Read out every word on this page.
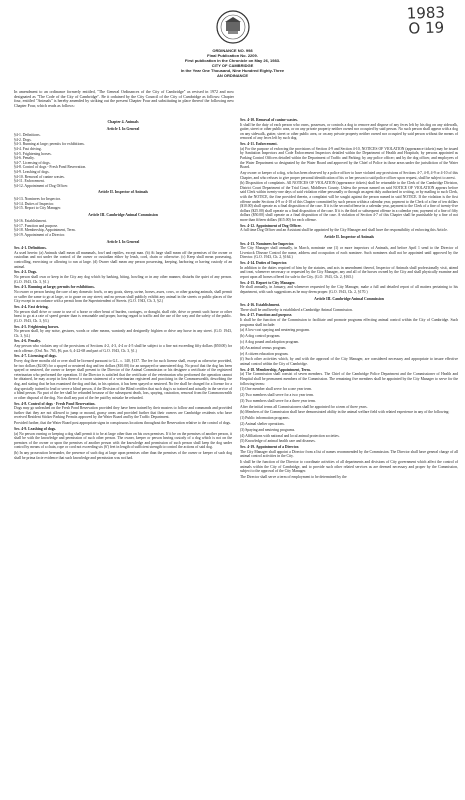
1983
O 19
ORDINANCE NO. 998
Final Publication No. 2209.
First publication in the Chronicle on May 26, 1983.
CITY OF CAMBRIDGE
In the Year One Thousand, Nine Hundred Eighty-Three
AN ORDINANCE
In amendment to an ordinance formerly entitled, "The General Ordinances of the City of Cambridge" as revised in 1972 and now designated as "The Code of the City of Cambridge". Be it ordained by the City Council of the City of Cambridge as follows: Chapter four, entitled "Animals" is hereby amended by striking out the present Chapter Four and substituting in place thereof the following new Chapter Four, which reads as follows:
Chapter 4. Animals
Article I. In General
§4-1. Definitions.
§4-2. Dogs.
§4-3. Running at large; permits for exhibitions.
§4-4. Fast driving.
§4-5. Frightening horses.
§4-6. Penalty.
§4-7. Licensing of dogs.
§4-8. Control of dogs - Fresh Pond Reservation.
§4-9. Leashing of dogs.
§4-10. Removal of canine wastes.
§4-11. Enforcement.
§4-12. Appointment of Dog Officer.
Article II. Inspector of Animals
§4-13. Nominees for Inspector.
§4-14. Duties of Inspector.
§4-15. Report to City Manager.
Article III. Cambridge Animal Commission
§4-16. Establishment.
§4-17. Function and purpose.
§4-18. Membership, Appointment, Term.
§4-19. Appointment of a Director.
Article I. In General
Sec. 4-1. Definitions.

As used herein: (a) Animals shall mean all mammals, fowl and reptiles, except man. (b) At large shall mean off the premises of the owner or custodian and not under the control of the owner or custodian either by leash, cord, chain or otherwise. (c) Keep shall mean possessing, controlling, exercising or allowing to run at large. (d) Owner shall mean any person possessing, keeping, harboring or having custody of an animal.

Sec. 4-2. Dogs.

No person shall own or keep in the City any dog which by barking, biting, howling or in any other manner, disturbs the quiet of any person. (G.O. 1943, Ch. 3, §1.)

Sec. 4-3. Running at large; permits for exhibitions.

No owner or person having the care of any domestic fowls, or any goats, sheep, swine, horses, asses, cows, or other grazing animals, shall permit or suffer the same to go at large, or to graze on any street; and no person shall publicly exhibit any animal in the streets or public places of the City except in accordance with a permit from the Superintendent of Streets. (G.O. 1943, Ch. 3, §2.)

Sec. 4-4. Fast driving.

No person shall drive or cause to use of a horse or other beast of burden, carriages, or draught, shall ride, drive or permit such horse or other beast to go at a rate of speed greater than is reasonable and proper, having regard to traffic and the use of the way and the safety of the public. (G.O. 1943, Ch. 3, §3.)

Sec. 4-5. Frightening horses.

No person shall, by any noise, gestures, words or other means, wantonly and designedly frighten or drive any horse in any street. (G.O. 1943, Ch. 3, §4.)

Sec. 4-6. Penalty.

Any person who violates any of the provisions of Sections 4-2, 4-3, 4-4 or 4-5 shall be subject to a fine not exceeding fifty dollars ($50.00) for each offense. (Ord. No. 765, §6, par. 6, 4-22-68 and part of G.O. 1943, Ch. 3, §1.)

Sec. 4-7. Licensing of dogs.

Every dog three months old or over shall be licensed pursuant to G.L. c. 140, §137. The fee for such license shall, except as otherwise provided, be two dollars ($2.00) for a spayed or neutered dog and ten dollars ($10.00) for an unspayed or unneutered dog. No proof that the dog has been spayed or neutered, the owner or keeper shall present to the Director of the Animal Commission or his designee a certificate of the registered veterinarian who performed the operation. If the Director is satisfied that the certificate of the veterinarian who performed the operation cannot be obtained, he may accept in lieu thereof a sworn statement of a veterinarian registered and practicing in the Commonwealth, describing the dog, and stating that he has examined the dog and that, in his opinion, it has been spayed or neutered. No fee shall be charged for a license for a dog specially trained to lead or serve a blind person, if the Division of the Blind certifies that such dog is so trained and actually in the service of a blind person. No part of the fee shall be refunded because of the subsequent death, loss, spaying, castration, removal from the Commonwealth or other disposal of the dog. Nor shall any part of the fee paid by mistake be refunded.

Sec. 4-8. Control of dogs - Fresh Pond Reservation.

Dogs may go unleashed on the Fresh Pond Reservation provided they have been trained by their masters to follow and commands and provided further that they are not allowed to jump or mound, grassy areas and provided further that their owners are Cambridge residents who have received Resident Sticker Parking Permits approved by the Water Board and by the Traffic Department.

Provided further, that the Water Board post appropriate signs in conspicuous locations throughout the Reservation relative to the control of dogs.

Sec. 4-9. Leashing of dogs.

(a) No person owning or keeping a dog shall permit it to be at large other than on his own premises. If it be on the premises of another person, it shall be with the knowledge and permission of such other person. The owner, keeper or person having custody of a dog which is not on the premises of the owner or upon the premises of another person with the knowledge and permission of such person shall keep the dog under control by means of a chain, rope or cord not exceeding six (6') feet in length of sufficient strength to control the actions of said dog.

(b) In any prosecution hereunder, the presence of such dog at large upon premises other than the premises of the owner or keeper of such dog shall be prima facie evidence that such knowledge and permission was not had.

Sec. 4-10. Removal of canine wastes.

It shall be the duty of each person who owns, possesses, or controls a dog to remove and dispose of any feces left by his dog on any sidewalk, gutter, street or other public area, or on any private property neither owned nor occupied by said person. No such person shall appear with a dog on any sidewalk, gutter, street or other public area, or on any private property neither owned nor occupied by said person without the means of removal of any feces left by such dog.

Sec. 4-11. Enforcement.

(a) For the purpose of enforcing the provisions of Section 4-9 and Section 4-10, NOTICES OF VIOLATION (appearance tickets) may be issued by Sanitation Inspectors and Code Enforcement Inspectors detailed within the Department of Health and Hospitals; by persons appointed as Parking Control Officers detailed within the Department of Traffic and Parking; by any police officer; and by the dog officer, and employees of the Water Department so designated by the Water Board and approved by the Chief of Police in those areas under the jurisdiction of the Water Board.

Any owner or keeper of a dog, who has been observed by a police officer to have violated any provisions of Sections 4-7, 4-8, 4-9 or 4-10 of this Chapter, and who refuses to give proper personal identification of his or her person to said police officer upon request, shall be subject to arrest.

(b) Disposition of complaints. All NOTICES OF VIOLATION (appearance tickets) shall be returnable to the Clerk of the Cambridge Division, District Court Department of the Trial Court, Middlesex County. Unless the person named on said NOTICE OF VIOLATION appears before said Clerk within twenty-one days of said violation either personally or through an agent duly authorized in writing, or by mailing to such Clerk, with the NOTICE, the fine provided therein, a complaint will be sought against the person named in said NOTICE. If the violation is the first offense under Sections 4-9 or 4-10 of this Chapter committed by such person within a calendar year, payment to the Clerk of a fine of ten dollars ($10.00) shall operate as a final disposition of the case. If it is the second offense in a calendar year, payment to the Clerk of a fine of twenty-five dollars ($25.00) shall operate as a final disposition of the case. If it is the third or subsequent offense in a calendar year, payment of a fine of fifty dollars ($50.00) shall operate as a final disposition of the case. A violation of Section 4-7 of this Chapter shall be punishable by a fine of not more than fifteen dollars ($15.00) for each offense.

Sec. 4-12. Appointment of Dog Officer.

A full time Dog Officer and an Assistant shall be appointed by the City Manager and shall have the responsibility of enforcing this Article.

Article II. Inspector of Animals
Sec. 4-13. Nominees for Inspector.

The City Manager shall annually, in March, nominate one (1) or more inspectors of Animals, and before April 1 send to the Director of Livestock Disease Control the name, address and occupation of each nominee. Such nominees shall not be appointed until approved by the Director. (G.O. 1943, Ch. 2, §164.)

Sec. 4-14. Duties of Inspector.

In addition to the duties required of him by the statutes, and acts in amendment thereof, Inspector of Animals shall professionally visit, attend and treat, whenever necessary or requested by the City Manager, any and all of the horses owned by the City and shall physically examine and report upon all horses offered for sale to the City. (G.O. 1943, Ch. 2, §165.)

Sec. 4-15. Report to City Manager.

He shall annually, in January, and whenever requested by the City Manager, make a full and detailed report of all matters pertaining to his department, with such suggestions as he may deem proper. (G.O. 1943, Ch. 2, §170.)

Article III. Cambridge Animal Commission
Sec. 4-16. Establishment.

There shall be and hereby is established a Cambridge Animal Commission.

Sec. 4-17. Function and purpose.

It shall be the function of the Commission to facilitate and promote programs effecting animal control within the City of Cambridge. Such programs shall include:

(a) A low-cost spaying and neutering program.

(b) A dog control program.

(c) A dog pound and adoption program.

(d) An animal census program.

(e) A citizen education program.

(f) Such other activities which, by and with the approval of the City Manager, are considered necessary and appropriate to insure effective animal control within the City of Cambridge.

Sec. 4-18. Membership, Appointment, Term.

(a) The Commission shall consist of seven members. The Chief of the Cambridge Police Department and the Commissioner of Health and Hospital shall be permanent members of the Commission. The remaining five members shall be appointed by the City Manager to serve for the following terms:

(1) One member shall serve for a one year term.

(2) Two members shall serve for a two year term.

(3) Two members shall serve for a three year term.

After the initial terms all Commissioners shall be appointed for a term of three years.

(b) Members of the Commission shall have demonstrated ability in the animal welfare field with related experience in any of the following:

(1) Public information programs.

(2) Animal shelter operations.

(3) Spaying and neutering programs.

(4) Affiliations with national and local animal protection societies.

(5) Knowledge of animal health care and diseases.

Sec. 4-19. Appointment of a Director.

The City Manager shall appoint a Director from a list of names recommended by the Commission. The Director shall have general charge of all animal control activities in the City.

It shall be the function of the Director to coordinate activities of all departments and divisions of City government which affect the control of animals within the City of Cambridge, and to provide such other related services as are deemed necessary and proper by the Commission, subject to the approval of the City Manager.

The Director shall serve a term of employment to be determined by the
